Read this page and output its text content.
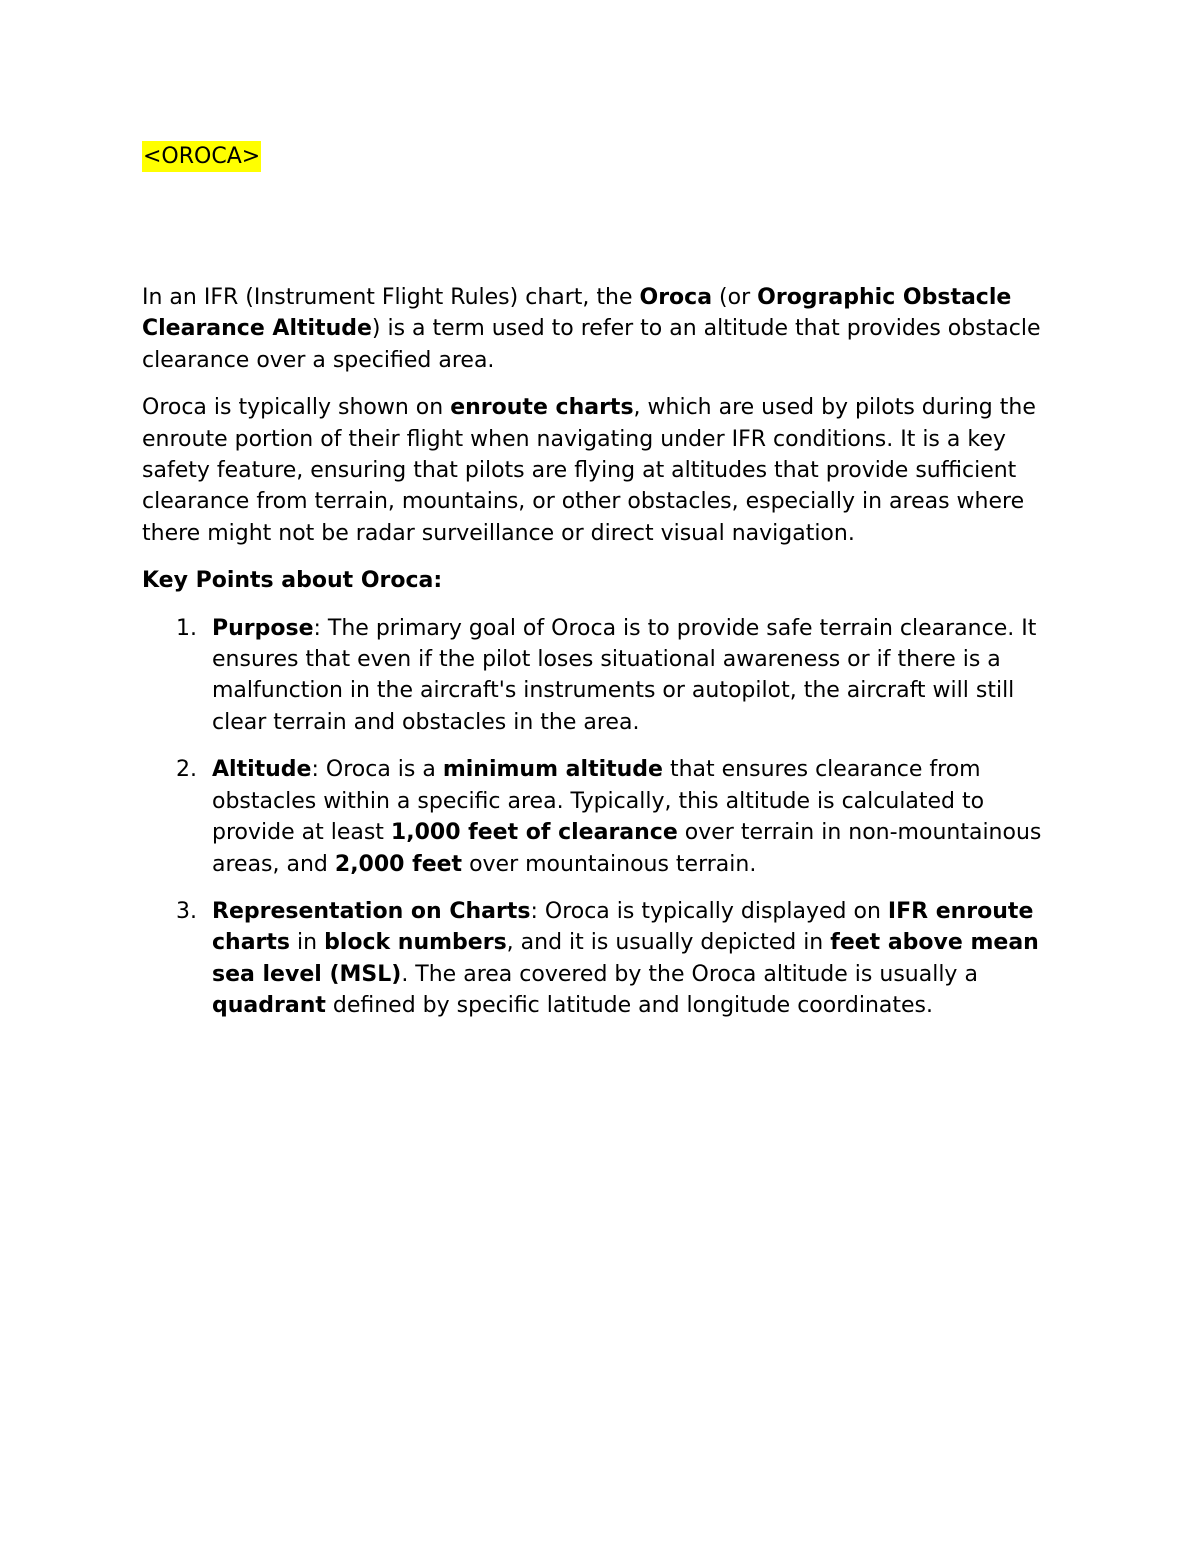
<OROCA>

In an IFR (Instrument Flight Rules) chart, the Oroca (or Orographic Obstacle Clearance Altitude) is a term used to refer to an altitude that provides obstacle clearance over a specified area.

Oroca is typically shown on enroute charts, which are used by pilots during the enroute portion of their flight when navigating under IFR conditions. It is a key safety feature, ensuring that pilots are flying at altitudes that provide sufficient clearance from terrain, mountains, or other obstacles, especially in areas where there might not be radar surveillance or direct visual navigation.

Key Points about Oroca:
1. Purpose: The primary goal of Oroca is to provide safe terrain clearance. It ensures that even if the pilot loses situational awareness or if there is a malfunction in the aircraft's instruments or autopilot, the aircraft will still clear terrain and obstacles in the area.
2. Altitude: Oroca is a minimum altitude that ensures clearance from obstacles within a specific area. Typically, this altitude is calculated to provide at least 1,000 feet of clearance over terrain in non-mountainous areas, and 2,000 feet over mountainous terrain.
3. Representation on Charts: Oroca is typically displayed on IFR enroute charts in block numbers, and it is usually depicted in feet above mean sea level (MSL). The area covered by the Oroca altitude is usually a quadrant defined by specific latitude and longitude coordinates.
